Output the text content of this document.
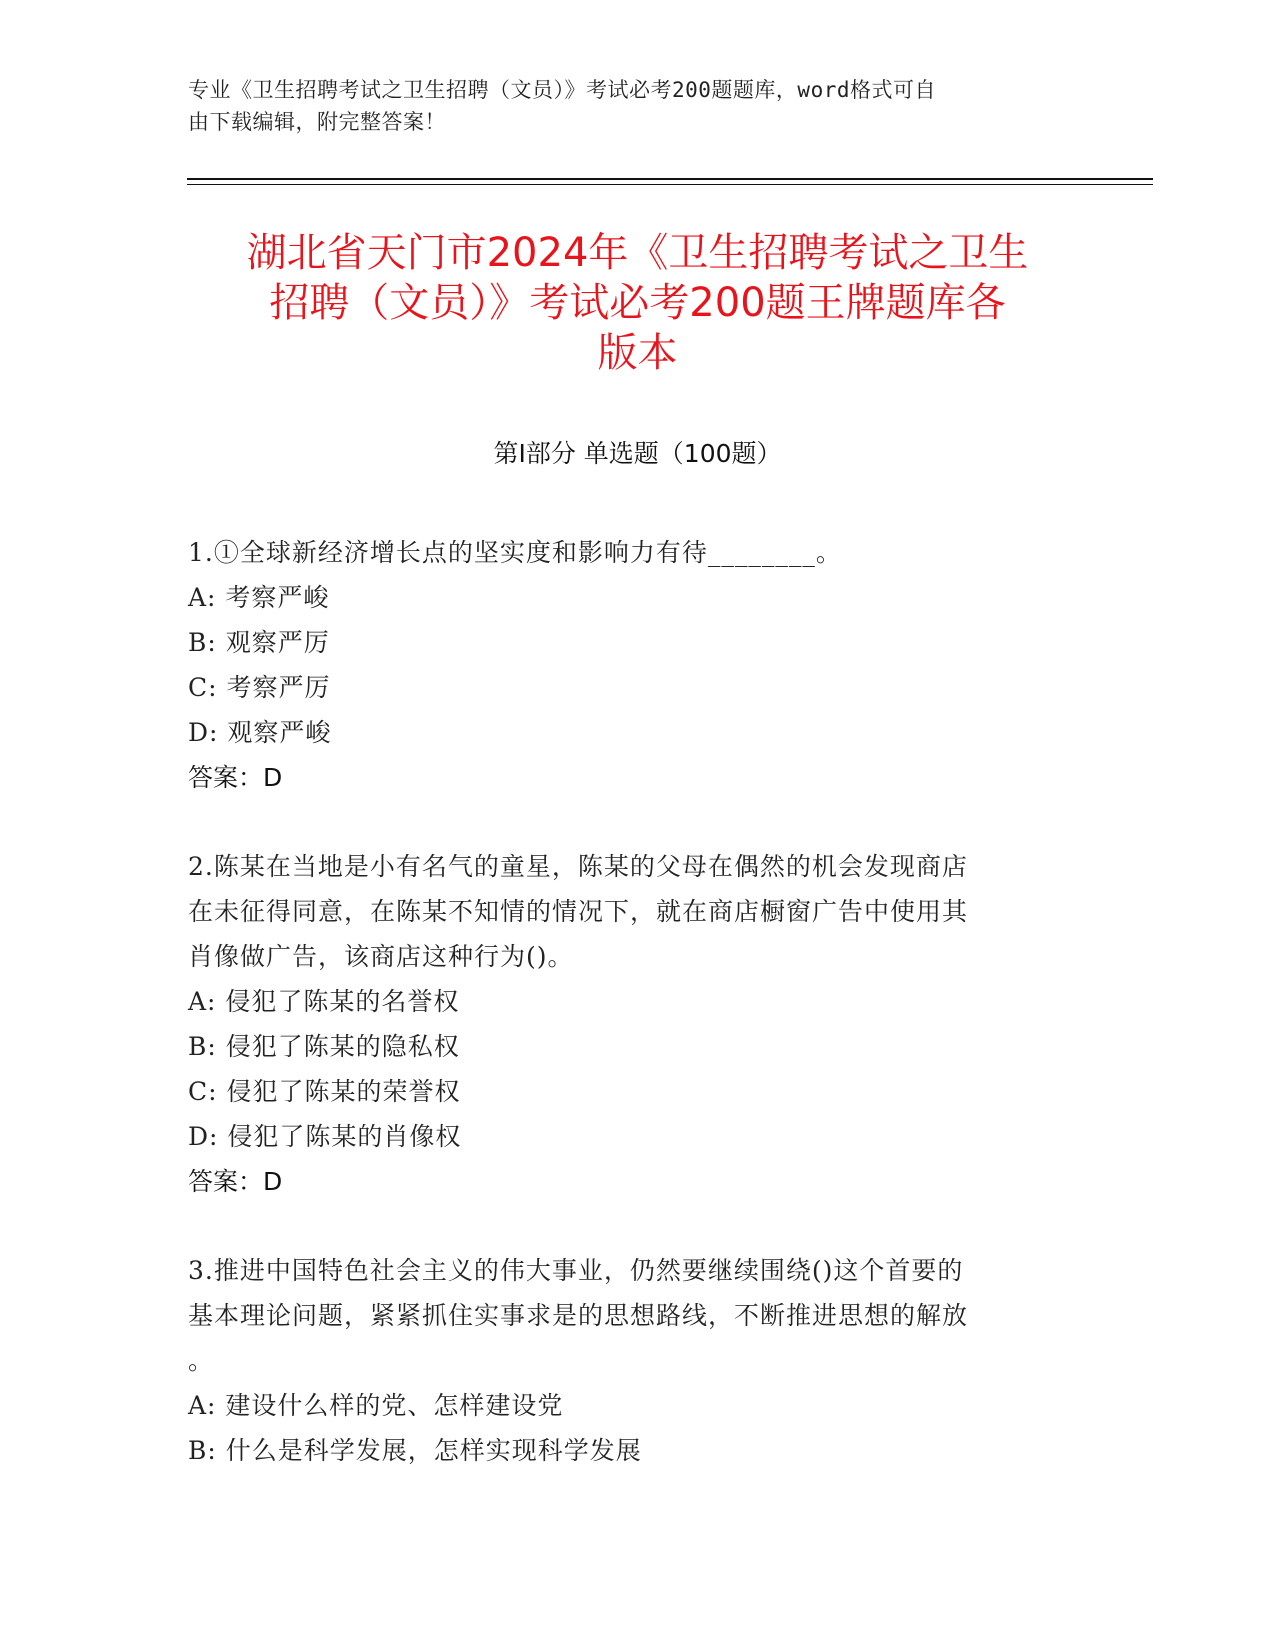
专业《卫生招聘考试之卫生招聘（文员）》考试必考200题题库，word格式可自
由下载编辑，附完整答案！
湖北省天门市2024年《卫生招聘考试之卫生
招聘（文员）》考试必考200题王牌题库各
版本
第Ⅰ部分 单选题（100题）
1.①全球新经济增长点的坚实度和影响力有待________。
A: 考察严峻
B: 观察严厉
C: 考察严厉
D: 观察严峻
答案：D
2.陈某在当地是小有名气的童星，陈某的父母在偶然的机会发现商店
在未征得同意，在陈某不知情的情况下，就在商店橱窗广告中使用其
肖像做广告，该商店这种行为()。
A: 侵犯了陈某的名誉权
B: 侵犯了陈某的隐私权
C: 侵犯了陈某的荣誉权
D: 侵犯了陈某的肖像权
答案：D
3.推进中国特色社会主义的伟大事业，仍然要继续围绕()这个首要的
基本理论问题，紧紧抓住实事求是的思想路线，不断推进思想的解放
。
A: 建设什么样的党、怎样建设党
B: 什么是科学发展，怎样实现科学发展
